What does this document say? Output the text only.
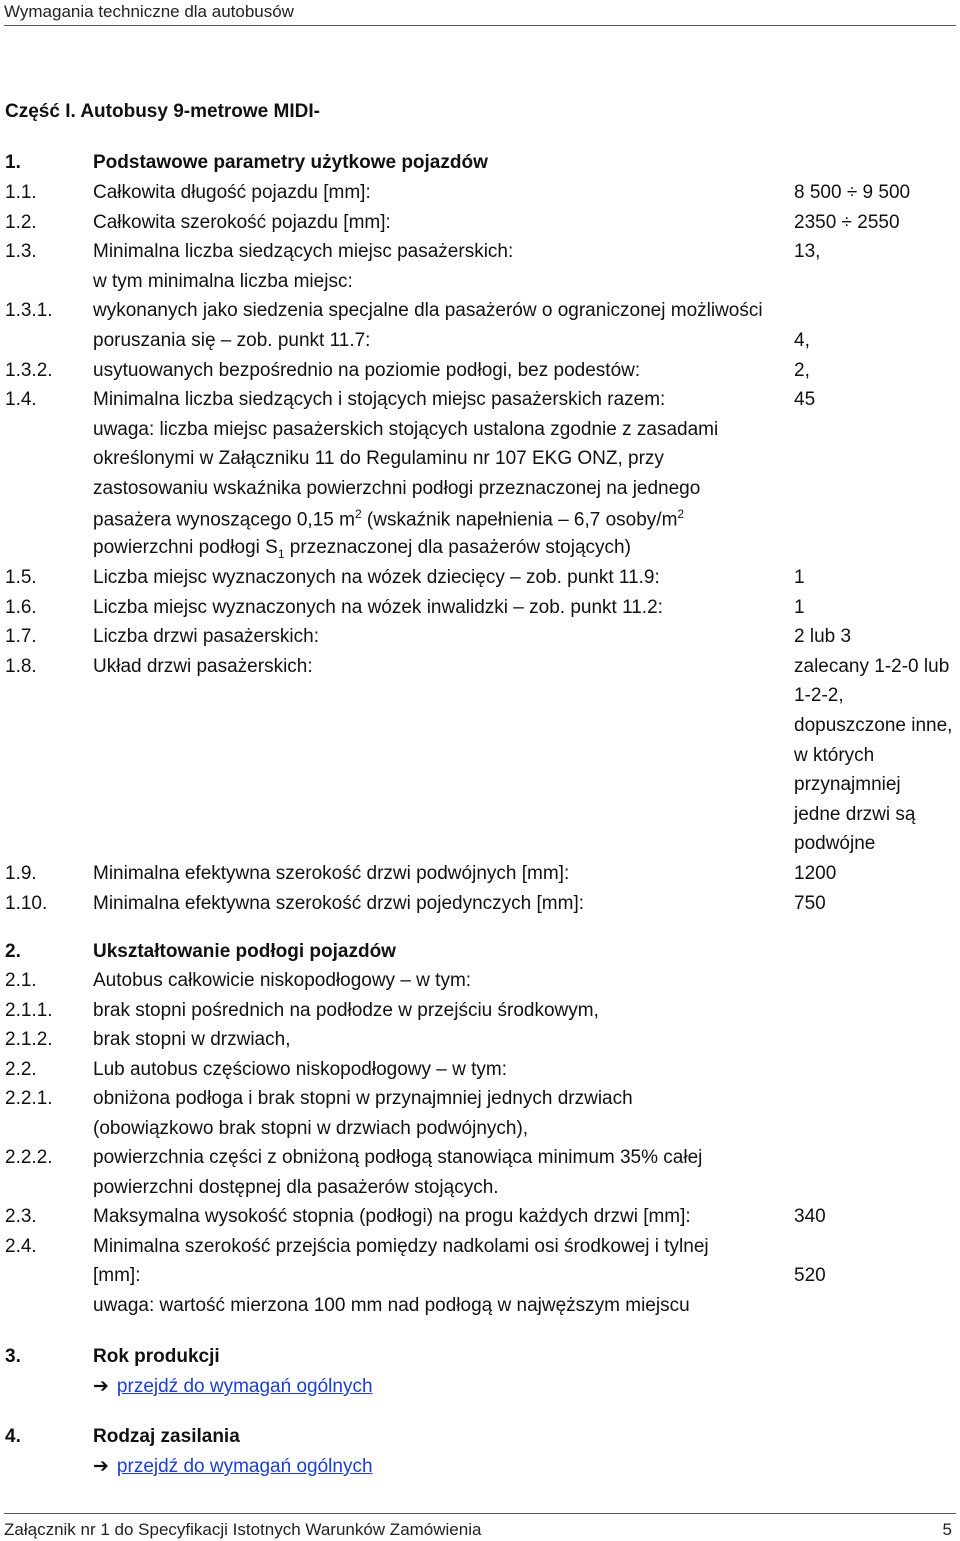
Wymagania techniczne dla autobusów
Część I. Autobusy 9-metrowe MIDI-
1.	Podstawowe parametry użytkowe pojazdów
1.1.	Całkowita długość pojazdu [mm]:	8 500 ÷ 9 500
1.2.	Całkowita szerokość pojazdu [mm]:	2350 ÷ 2550
1.3.	Minimalna liczba siedzących miejsc pasażerskich:	13,
w tym minimalna liczba miejsc:
1.3.1. wykonanych jako siedzenia specjalne dla pasażerów o ograniczonej możliwości
poruszania się – zob. punkt 11.7:	4,
1.3.2. usytuowanych bezpośrednio na poziomie podłogi, bez podestów:	2,
1.4.	Minimalna liczba siedzących i stojących miejsc pasażerskich razem:	45
uwaga: liczba miejsc pasażerskich stojących ustalona zgodnie z zasadami
określonymi w Załączniku 11 do Regulaminu nr 107 EKG ONZ, przy
zastosowaniu wskaźnika powierzchni podłogi przeznaczonej na jednego
pasażera wynoszącego 0,15 $m^2$ (wskaźnik napełnienia – 6,7 osoby/$m^2$
powierzchni podłogi $S_1$ przeznaczonej dla pasażerów stojących)
1.5.	Liczba miejsc wyznaczonych na wózek dziecięcy – zob. punkt 11.9:	1
1.6.	Liczba miejsc wyznaczonych na wózek inwalidzki – zob. punkt 11.2:	1
1.7.	Liczba drzwi pasażerskich:	2 lub 3
1.8.	Układ drzwi pasażerskich:	zalecany 1-2-0 lub
1-2-2,
dopuszczone inne,
w których
przynajmniej
jedne drzwi są
podwójne
1.9.	Minimalna efektywna szerokość drzwi podwójnych [mm]:	1200
1.10. Minimalna efektywna szerokość drzwi pojedynczych [mm]:	750
2.	Ukształtowanie podłogi pojazdów
2.1.	Autobus całkowicie niskopodłogowy – w tym:
2.1.1. brak stopni pośrednich na podłodze w przejściu środkowym,
2.1.2. brak stopni w drzwiach,
2.2.	Lub autobus częściowo niskopodłogowy – w tym:
2.2.1. obniżona podłoga i brak stopni w przynajmniej jednych drzwiach
(obowiązkowo brak stopni w drzwiach podwójnych),
2.2.2. powierzchnia części z obniżoną podłogą stanowiąca minimum 35% całej
powierzchni dostępnej dla pasażerów stojących.
2.3.	Maksymalna wysokość stopnia (podłogi) na progu każdych drzwi [mm]:	340
2.4.	Minimalna szerokość przejścia pomiędzy nadkolami osi środkowej i tylnej
[mm]:	520
uwaga: wartość mierzona 100 mm nad podłogą w najwęższym miejscu
3.	Rok produkcji
➔ przejdź do wymagań ogólnych
4.	Rodzaj zasilania
➔ przejdź do wymagań ogólnych
Załącznik nr 1 do Specyfikacji Istotnych Warunków Zamówienia	5
